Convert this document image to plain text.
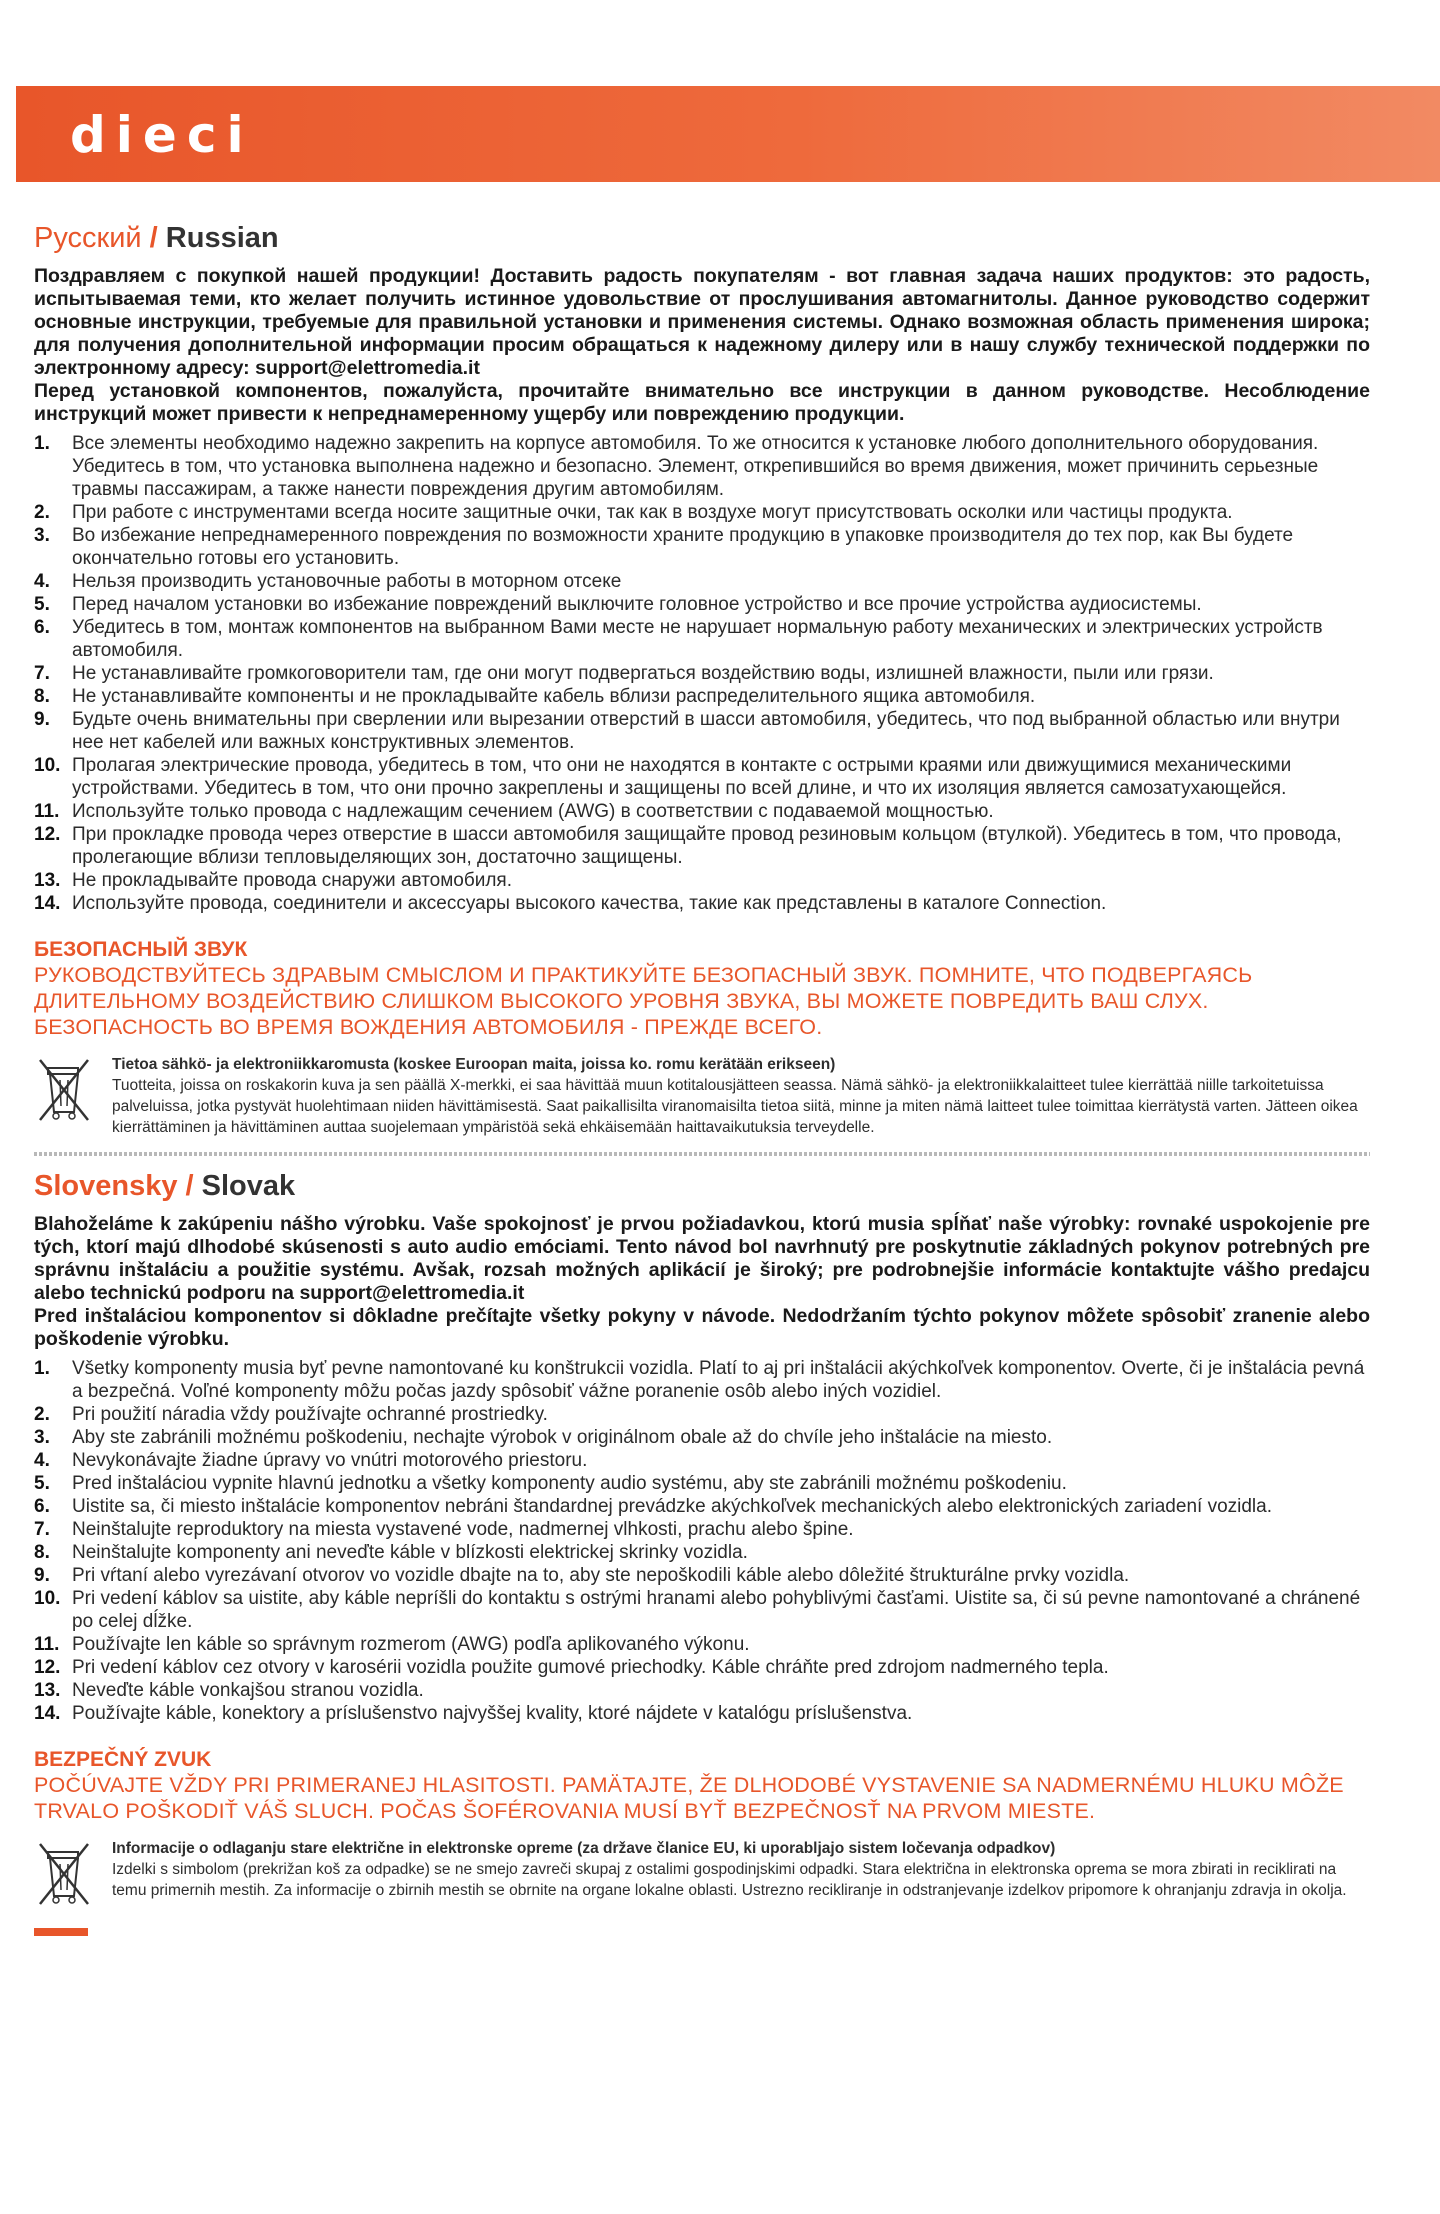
dieci
Русский / Russian

Поздравляем с покупкой нашей продукции! Доставить радость покупателям - вот главная задача наших продуктов: это радость, испытываемая теми, кто желает получить истинное удовольствие от прослушивания автомагнитолы. Данное руководство содержит основные инструкции, требуемые для правильной установки и применения системы. Однако возможная область применения широка; для получения дополнительной информации просим обращаться к надежному дилеру или в нашу службу технической поддержки по электронному адресу: support@elettromedia.it

Перед установкой компонентов, пожалуйста, прочитайте внимательно все инструкции в данном руководстве. Несоблюдение инструкций может привести к непреднамеренному ущербу или повреждению продукции.

1.	Все элементы необходимо надежно закрепить на корпусе автомобиля. То же относится к установке любого дополнительного оборудования. Убедитесь в том, что установка выполнена надежно и безопасно. Элемент, открепившийся во время движения, может причинить серьезные травмы пассажирам, а также нанести повреждения другим автомобилям.
2.	При работе с инструментами всегда носите защитные очки, так как в воздухе могут присутствовать осколки или частицы продукта.
3.	Во избежание непреднамеренного повреждения по возможности храните продукцию в упаковке производителя до тех пор, как Вы будете окончательно готовы его установить.
4.	Нельзя производить установочные работы в моторном отсеке
5.	Перед началом установки во избежание повреждений выключите головное устройство и все прочие устройства аудиосистемы.
6.	Убедитесь в том, монтаж компонентов на выбранном Вами месте не нарушает нормальную работу механических и электрических устройств автомобиля.
7.	Не устанавливайте громкоговорители там, где они могут подвергаться воздействию воды, излишней влажности, пыли или грязи.
8.	Не устанавливайте компоненты и не прокладывайте кабель вблизи распределительного ящика автомобиля.
9.	Будьте очень внимательны при сверлении или вырезании отверстий в шасси автомобиля, убедитесь, что под выбранной областью или внутри нее нет кабелей или важных конструктивных элементов.
10. Пролагая электрические провода, убедитесь в том, что они не находятся в контакте с острыми краями или движущимися механическими устройствами. Убедитесь в том, что они прочно закреплены и защищены по всей длине, и что их изоляция является самозатухающейся.
11. Используйте только провода с надлежащим сечением (AWG) в соответствии с подаваемой мощностью.
12. При прокладке провода через отверстие в шасси автомобиля защищайте провод резиновым кольцом (втулкой). Убедитесь в том, что провода, пролегающие вблизи тепловыделяющих зон, достаточно защищены.
13. Не прокладывайте провода снаружи автомобиля.
14. Используйте провода, соединители и аксессуары высокого качества, такие как представлены в каталоге Connection.
БЕЗОПАСНЫЙ ЗВУК
РУКОВОДСТВУЙТЕСЬ ЗДРАВЫМ СМЫСЛОМ И ПРАКТИКУЙТЕ БЕЗОПАСНЫЙ ЗВУК. ПОМНИТЕ, ЧТО ПОДВЕРГАЯСЬ ДЛИТЕЛЬНОМУ ВОЗДЕЙСТВИЮ СЛИШКОМ ВЫСОКОГО УРОВНЯ ЗВУКА, ВЫ МОЖЕТЕ ПОВРЕДИТЬ ВАШ СЛУХ. БЕЗОПАСНОСТЬ ВО ВРЕМЯ ВОЖДЕНИЯ АВТОМОБИЛЯ - ПРЕЖДЕ ВСЕГО.
Tietoa sähkö- ja elektroniikkaromusta (koskee Euroopan maita, joissa ko. romu kerätään erikseen)
Tuotteita, joissa on roskakorin kuva ja sen päällä X-merkki, ei saa hävittää muun kotitalousjätteen seassa. Nämä sähkö- ja elektroniikkalaitteet tulee kierrättää niille tarkoitetuissa palveluissa, jotka pystyvät huolehtimaan niiden hävittämisestä. Saat paikallisilta viranomaisilta tietoa siitä, minne ja miten nämä laitteet tulee toimittaa kierrätystä varten. Jätteen oikea kierrättäminen ja hävittäminen auttaa suojelemaan ympäristöä sekä ehkäisemään haittavaikutuksia terveydelle.
Slovensky / Slovak

Blahoželáme k zakúpeniu nášho výrobku. Vaše spokojnosť je prvou požiadavkou, ktorú musia spĺňať naše výrobky: rovnaké uspokojenie pre tých, ktorí majú dlhodobé skúsenosti s auto audio emóciami. Tento návod bol navrhnutý pre poskytnutie základných pokynov potrebných pre správnu inštaláciu a použitie systému. Avšak, rozsah možných aplikácií je široký; pre podrobnejšie informácie kontaktujte vášho predajcu alebo technickú podporu na support@elettromedia.it

Pred inštaláciou komponentov si dôkladne prečítajte všetky pokyny v návode. Nedodržaním týchto pokynov môžete spôsobiť zranenie alebo poškodenie výrobku.

1.	Všetky komponenty musia byť pevne namontované ku konštrukcii vozidla. Platí to aj pri inštalácii akýchkoľvek komponentov. Overte, či je inštalácia pevná a bezpečná. Voľné komponenty môžu počas jazdy spôsobiť vážne poranenie osôb alebo iných vozidiel.
2.	Pri použití náradia vždy používajte ochranné prostriedky.
3.	Aby ste zabránili možnému poškodeniu, nechajte výrobok v originálnom obale až do chvíle jeho inštalácie na miesto.
4.	Nevykonávajte žiadne úpravy vo vnútri motorového priestoru.
5.	Pred inštaláciou vypnite hlavnú jednotku a všetky komponenty audio systému, aby ste zabránili možnému poškodeniu.
6.	Uistite sa, či miesto inštalácie komponentov nebráni štandardnej prevádzke akýchkoľvek mechanických alebo elektronických zariadení vozidla.
7.	Neinštalujte reproduktory na miesta vystavené vode, nadmernej vlhkosti, prachu alebo špine.
8.	Neinštalujte komponenty ani neveďte káble v blízkosti elektrickej skrinky vozidla.
9.	Pri vŕtaní alebo vyrezávaní otvorov vo vozidle dbajte na to, aby ste nepoškodili káble alebo dôležité štrukturálne prvky vozidla.
10. Pri vedení káblov sa uistite, aby káble nepríšli do kontaktu s ostrými hranami alebo pohyblivými časťami. Uistite sa, či sú pevne namontované a chránené po celej dĺžke.
11. Používajte len káble so správnym rozmerom (AWG) podľa aplikovaného výkonu.
12. Pri vedení káblov cez otvory v karosérii vozidla použite gumové priechodky. Káble chráňte pred zdrojom nadmerného tepla.
13. Neveďte káble vonkajšou stranou vozidla.
14. Používajte káble, konektory a príslušenstvo najvyššej kvality, ktoré nájdete v katalógu príslušenstva.
BEZPEČNÝ ZVUK
POČÚVAJTE VŽDY PRI PRIMERANEJ HLASITOSTI. PAMÄTAJTE, ŽE DLHODOBÉ VYSTAVENIE SA NADMERNÉMU HLUKU MÔŽE TRVALO POŠKODIŤ VÁŠ SLUCH. POČAS ŠOFÉROVANIA MUSÍ BYŤ BEZPEČNOSŤ NA PRVOM MIESTE.
Informacije o odlaganju stare električne in elektronske opreme (za države članice EU, ki uporabljajo sistem ločevanja odpadkov)
Izdelki s simbolom (prekrižan koš za odpadke) se ne smejo zavreči skupaj z ostalimi gospodinjskimi odpadki. Stara električna in elektronska oprema se mora zbirati in reciklirati na temu primernih mestih. Za informacije o zbirnih mestih se obrnite na organe lokalne oblasti. Ustrezno recikliranje in odstranjevanje izdelkov pripomore k ohranjanju zdravja in okolja.
